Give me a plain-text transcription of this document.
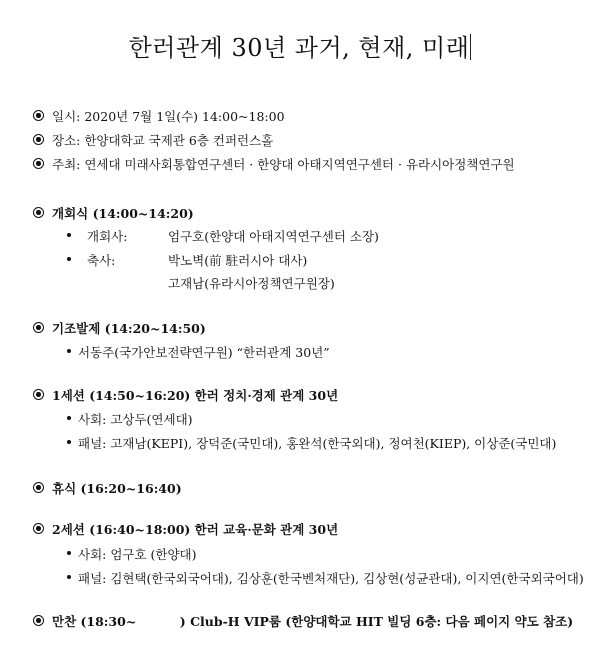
한러관계 30년 과거, 현재, 미래
일시: 2020년 7월 1일(수) 14:00~18:00
장소: 한양대학교 국제관 6층 컨퍼런스홀
주최: 연세대 미래사회통합연구센터 · 한양대 아태지역연구센터 · 유라시아정책연구원
개회식 (14:00~14:20)
개회사:	엄구호(한양대 아태지역연구센터 소장)
축사:	박노벽(前 駐러시아 대사)
고재남(유라시아정책연구원장)
기조발제 (14:20~14:50)
서동주(국가안보전략연구원) “한러관계 30년”
1세션 (14:50~16:20) 한러 정치·경제 관계 30년
사회: 고상두(연세대)
패널: 고재남(KEPI), 장덕준(국민대), 홍완석(한국외대), 정여천(KIEP), 이상준(국민대)
휴식 (16:20~16:40)
2세션 (16:40~18:00) 한러 교육·문화 관계 30년
사회: 엄구호 (한양대)
패널: 김현택(한국외국어대), 김상훈(한국벤처재단), 김상현(성균관대), 이지연(한국외국어대)
만찬 (18:30~          ) Club-H VIP룸 (한양대학교 HIT 빌딩 6층: 다음 페이지 약도 참조)
